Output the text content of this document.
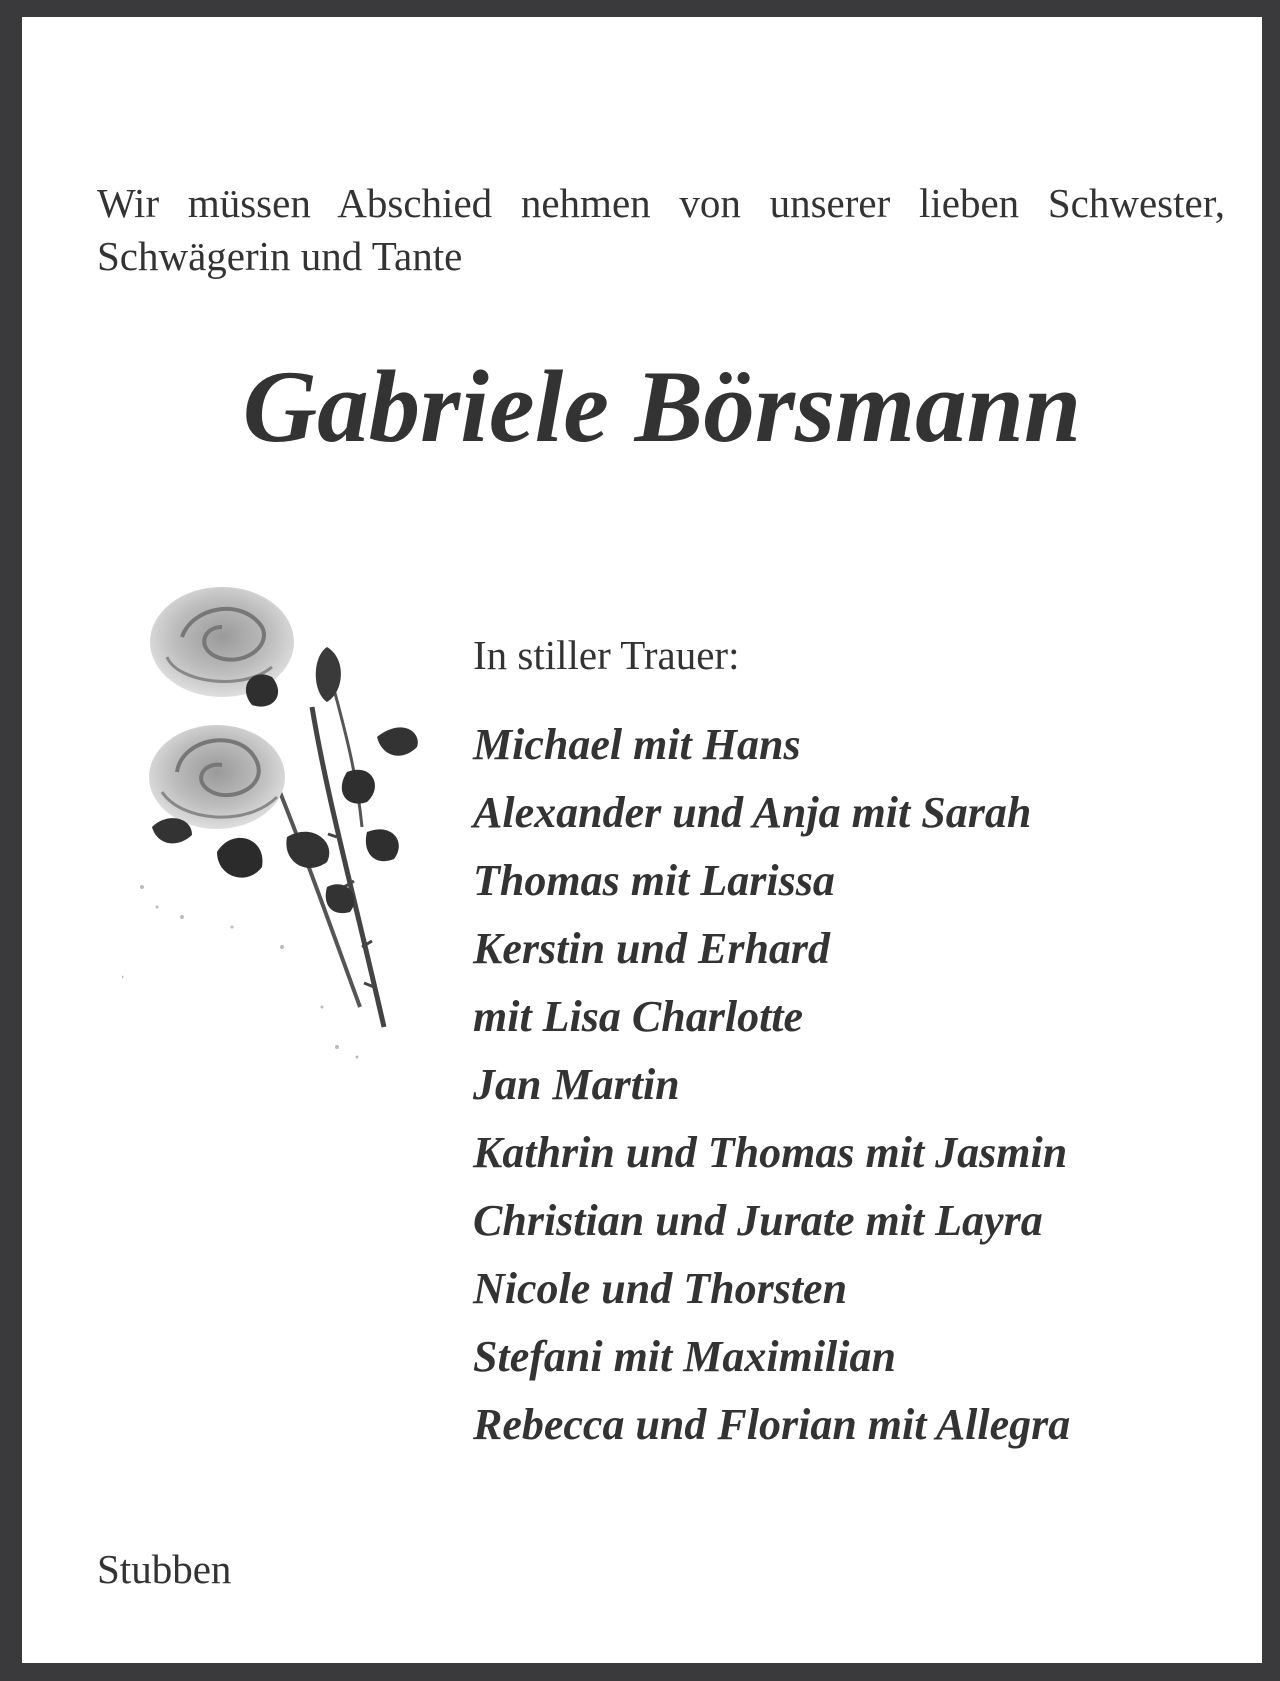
Wir müssen Abschied nehmen von unserer lieben Schwester, Schwägerin und Tante

Gabriele Börsmann

In stiller Trauer:

Michael mit Hans
Alexander und Anja mit Sarah
Thomas mit Larissa
Kerstin und Erhard
mit Lisa Charlotte
Jan Martin
Kathrin und Thomas mit Jasmin
Christian und Jurate mit Layra
Nicole und Thorsten
Stefani mit Maximilian
Rebecca und Florian mit Allegra

Stubben
